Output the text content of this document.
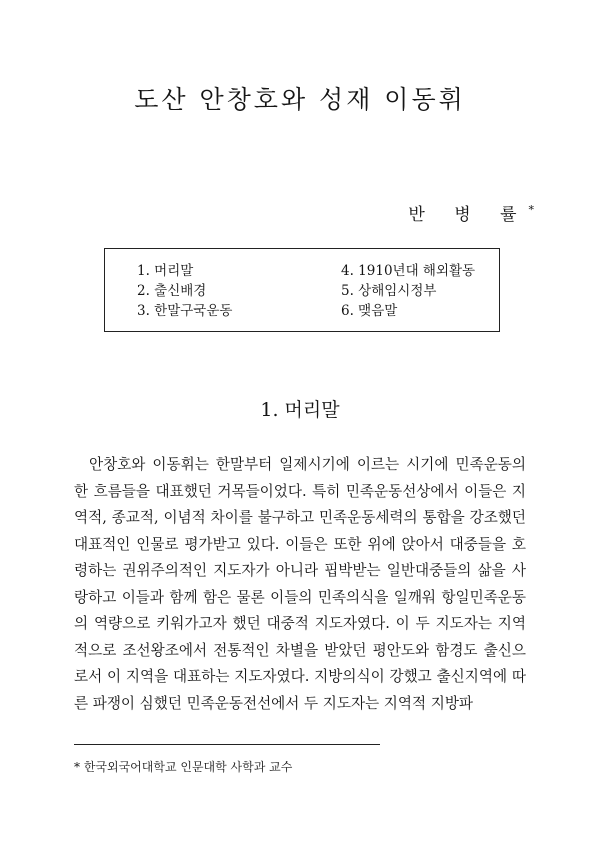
도산 안창호와 성재 이동휘
반 병 률*
1. 머리말
2. 출신배경
3. 한말구국운동
4. 1910년대 해외활동
5. 상해임시정부
6. 맺음말
1. 머리말

안창호와 이동휘는 한말부터 일제시기에 이르는 시기에 민족운동의 한 흐름들을 대표했던 거목들이었다. 특히 민족운동선상에서 이들은 지역적, 종교적, 이념적 차이를 불구하고 민족운동세력의 통합을 강조했던 대표적인 인물로 평가받고 있다. 이들은 또한 위에 앉아서 대중들을 호령하는 권위주의적인 지도자가 아니라 핍박받는 일반대중들의 삶을 사랑하고 이들과 함께 함은 물론 이들의 민족의식을 일깨워 항일민족운동의 역량으로 키워가고자 했던 대중적 지도자였다. 이 두 지도자는 지역적으로 조선왕조에서 전통적인 차별을 받았던 평안도와 함경도 출신으로서 이 지역을 대표하는 지도자였다. 지방의식이 강했고 출신지역에 따른 파쟁이 심했던 민족운동전선에서 두 지도자는 지역적 지방파

* 한국외국어대학교 인문대학 사학과 교수
